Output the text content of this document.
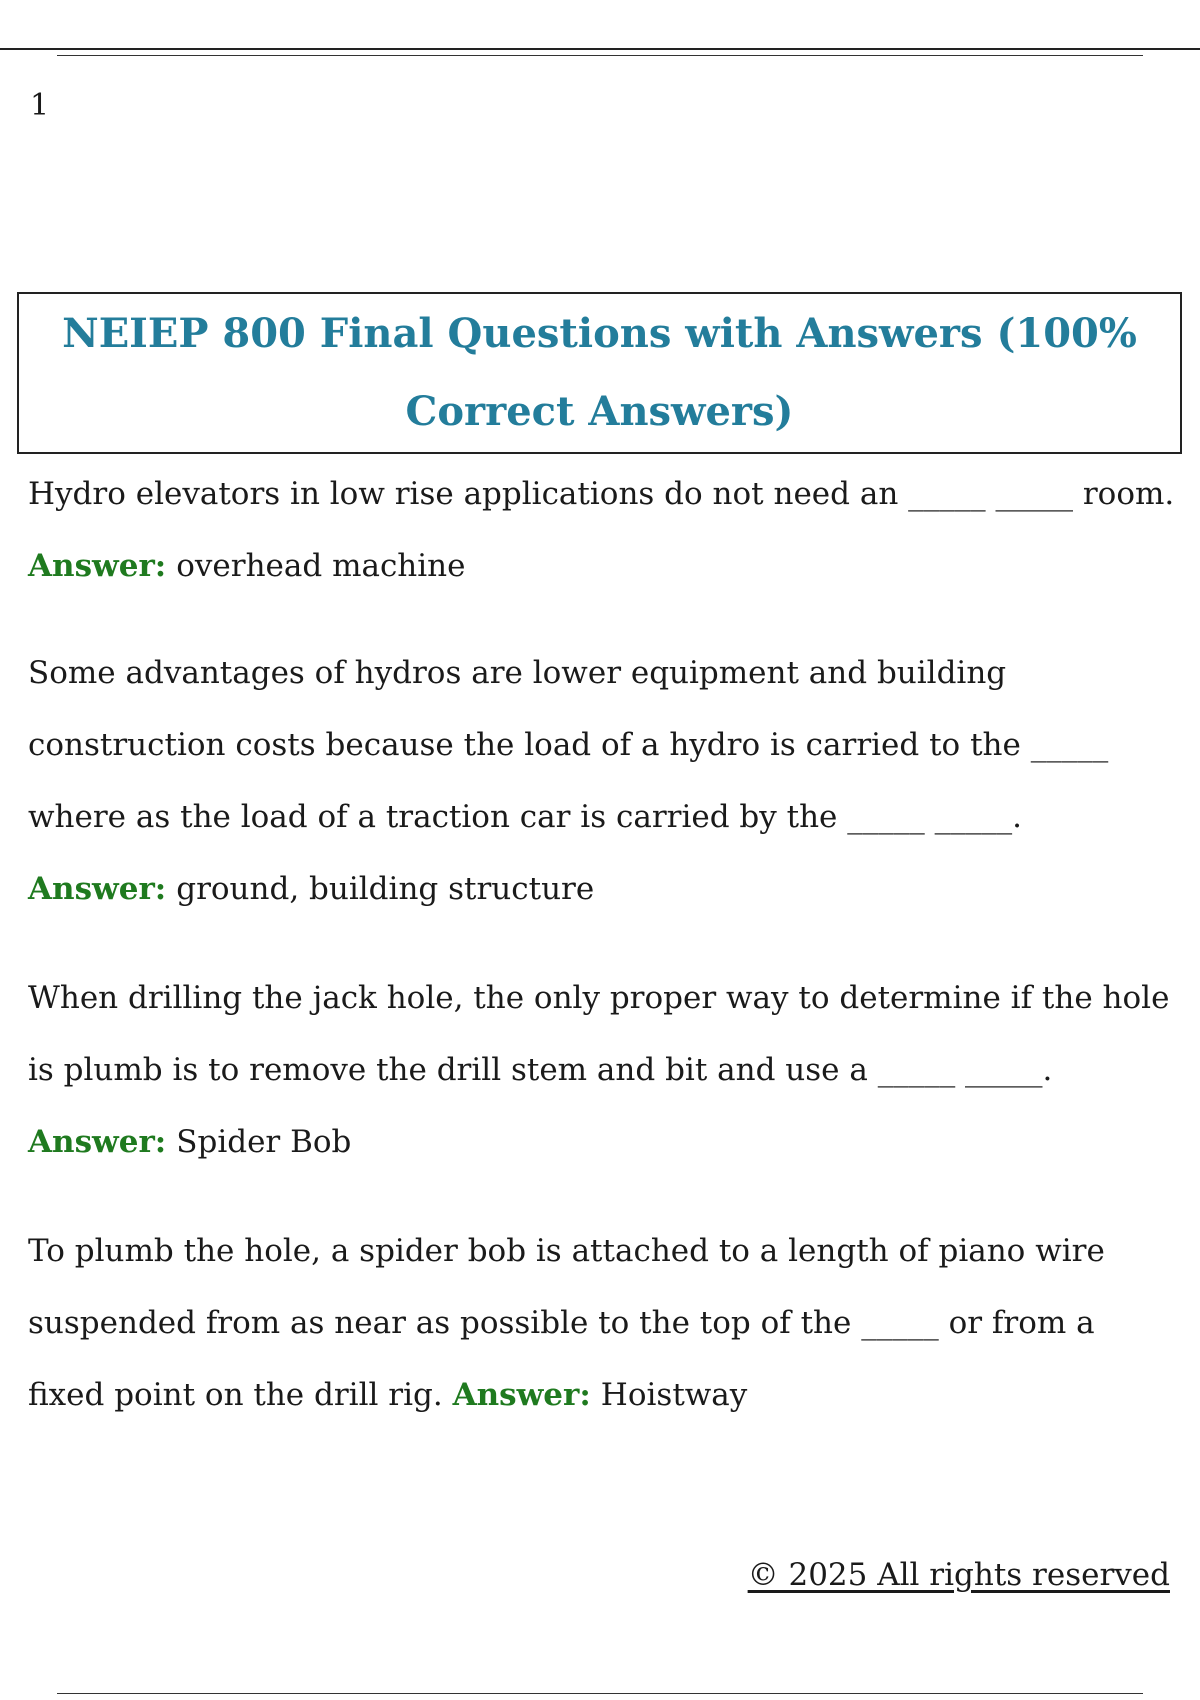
1
NEIEP 800 Final Questions with Answers (100% Correct Answers)
Hydro elevators in low rise applications do not need an _____ _____ room. Answer: overhead machine
Some advantages of hydros are lower equipment and building construction costs because the load of a hydro is carried to the _____ where as the load of a traction car is carried by the _____ _____. Answer: ground, building structure
When drilling the jack hole, the only proper way to determine if the hole is plumb is to remove the drill stem and bit and use a _____ _____. Answer: Spider Bob
To plumb the hole, a spider bob is attached to a length of piano wire suspended from as near as possible to the top of the _____ or from a fixed point on the drill rig. Answer: Hoistway
© 2025 All rights reserved
